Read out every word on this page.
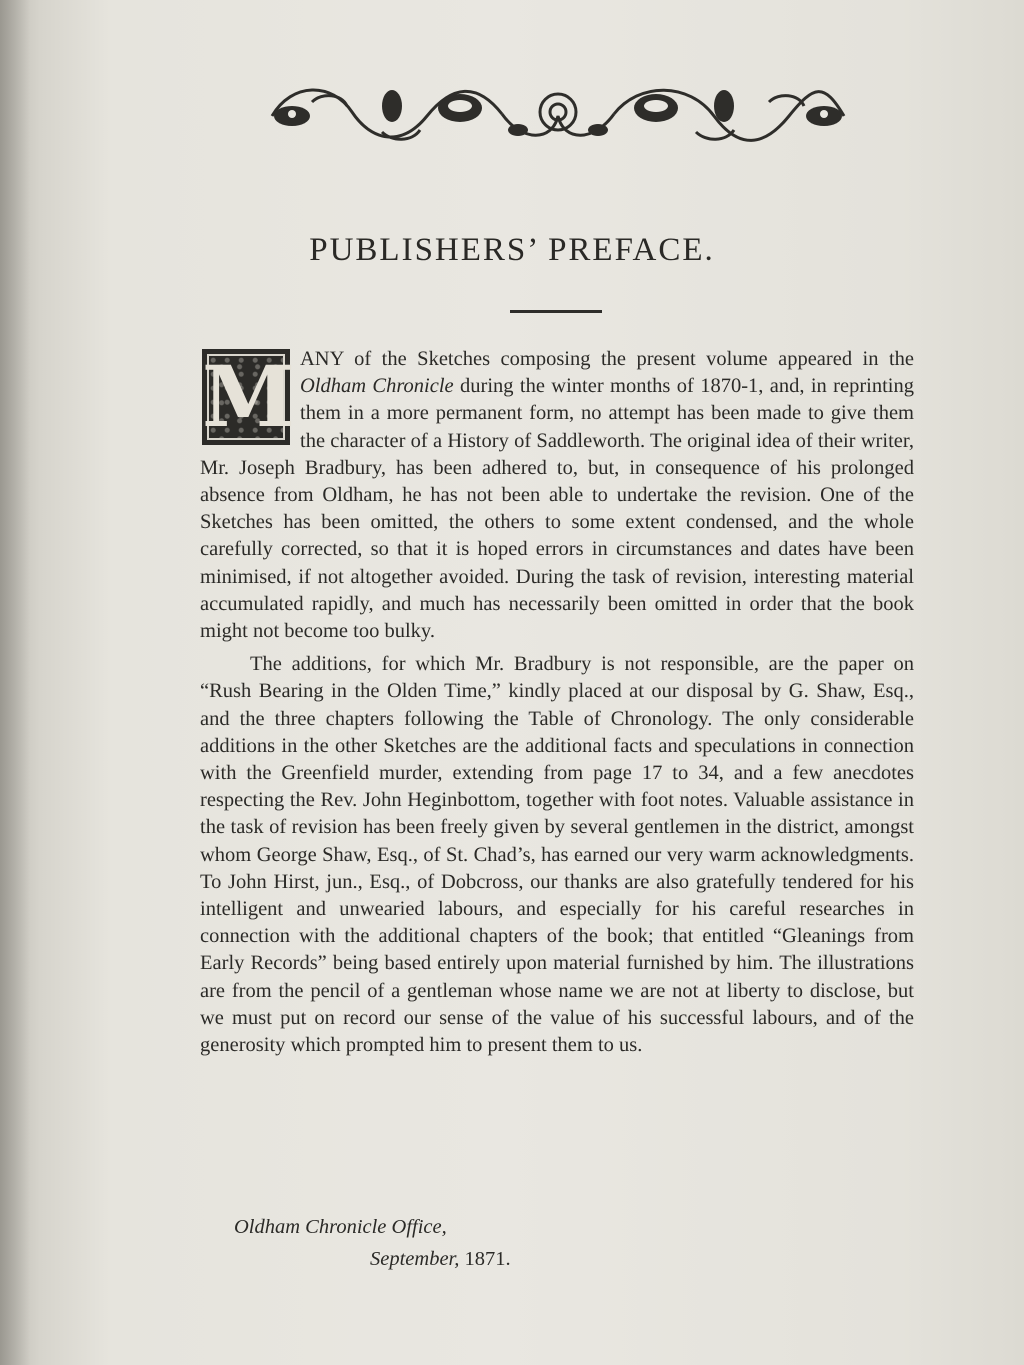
PUBLISHERS’ PREFACE.

M ANY of the Sketches composing the present volume appeared in the Oldham Chronicle during the winter months of 1870-1, and, in reprinting them in a more permanent form, no attempt has been made to give them the character of a History of Saddleworth. The original idea of their writer, Mr. Joseph Bradbury, has been adhered to, but, in consequence of his prolonged absence from Oldham, he has not been able to undertake the revision. One of the Sketches has been omitted, the others to some extent condensed, and the whole carefully corrected, so that it is hoped errors in circumstances and dates have been minimised, if not altogether avoided. During the task of revision, interesting material accumulated rapidly, and much has necessarily been omitted in order that the book might not become too bulky.

The additions, for which Mr. Bradbury is not responsible, are the paper on “Rush Bearing in the Olden Time,” kindly placed at our disposal by G. Shaw, Esq., and the three chapters following the Table of Chronology. The only considerable additions in the other Sketches are the additional facts and speculations in connection with the Greenfield murder, extending from page 17 to 34, and a few anecdotes respecting the Rev. John Heginbottom, together with foot notes. Valuable assistance in the task of revision has been freely given by several gentlemen in the district, amongst whom George Shaw, Esq., of St. Chad’s, has earned our very warm acknowledgments. To John Hirst, jun., Esq., of Dobcross, our thanks are also gratefully tendered for his intelligent and unwearied labours, and especially for his careful researches in connection with the additional chapters of the book; that entitled “Gleanings from Early Records” being based entirely upon material furnished by him. The illustrations are from the pencil of a gentleman whose name we are not at liberty to disclose, but we must put on record our sense of the value of his successful labours, and of the generosity which prompted him to present them to us.

Oldham Chronicle Office,
September, 1871.
